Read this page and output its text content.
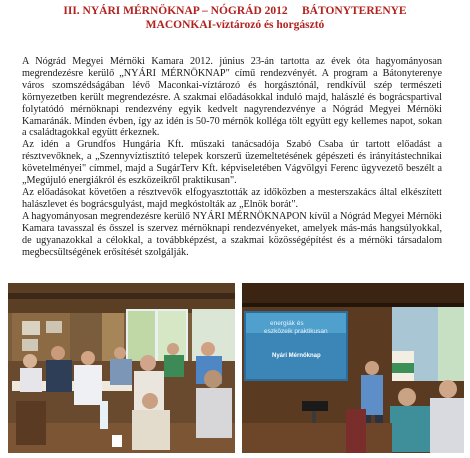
III. NYÁRI MÉRNÖKNAP – NÓGRÁD 2012     BÁTONYTERENYE
MACONKAI-víztározó és horgásztó

A Nógrád Megyei Mérnöki Kamara 2012. június 23-án tartotta az évek óta hagyományosan megrendezésre kerülő „NYÁRI MÉRNÖKNAP" című rendezvényét. A program a Bátonyterenye város szomszédságában lévő Maconkai-víztározó és horgásztónál, rendkívül szép természeti környezetben került megrendezésre. A szakmai előadásokkal induló majd, halászlé és bográcspartival folytatódó mérnöknapi rendezvény egyik kedvelt nagyrendezvénye a Nógrád Megyei Mérnöki Kamaránák. Minden évben, így az idén is 50-70 mérnök kolléga tölt együtt egy kellemes napot, sokan a családtagokkal együtt érkeznek.

Az idén a Grundfos Hungária Kft. műszaki tanácsadója Szabó Csaba úr tartott előadást a résztvevőknek, a „Szennyvíztisztító telepek korszerű üzemeltetésének gépészeti és irányítástechnikai követelményei" címmel, majd a SugárTerv Kft. képviseletében Vágvölgyi Ferenc ügyvezető beszélt a „Megújuló energiákról és eszközeikről praktikusan".

Az előadásokat követően a résztvevők elfogyasztották az időközben a mesterszakács által elkészített halászlevet és bográcsgulyást, majd megkóstolták az „Elnök borát".

A hagyományosan megrendezésre kerülő NYÁRI MÉRNÖKNAPON kívül a Nógrád Megyei Mérnöki Kamara tavasszal és ősszel is szervez mérnöknapi rendezvényeket, amelyek más-más hangsúlyokkal, de ugyanazokkal a célokkal, a továbbképzést, a szakmai közösségépítést és a mérnöki társadalom megbecsültségének erősítését szolgálják.

energiák és
eszközeik praktikusan
Nyári Mérnöknap
